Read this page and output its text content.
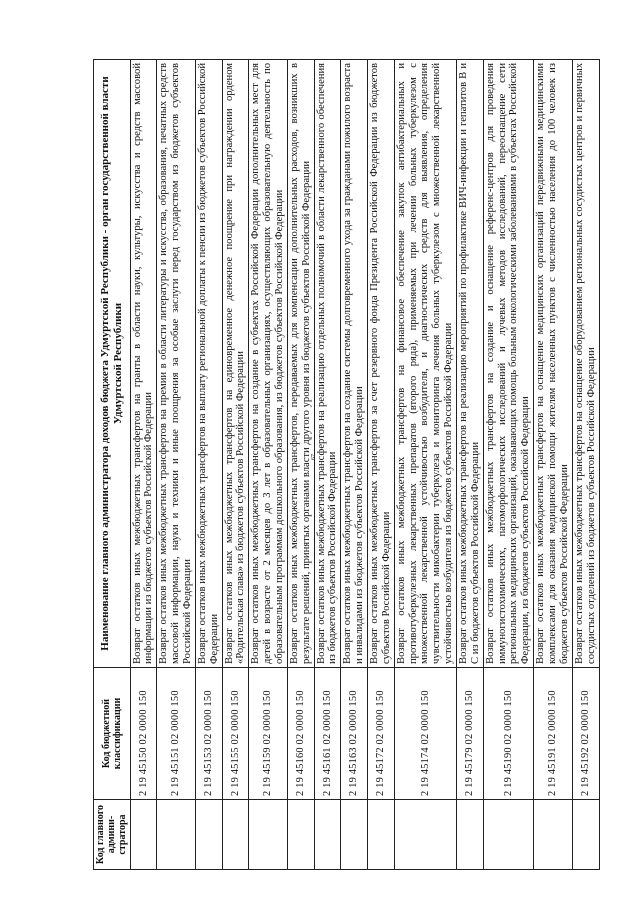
67
Код главного админи-стратора	Код бюджетной классификации	Наименование главного администратора доходов бюджета Удмуртской Республики - орган государственной власти Удмуртской Республики
	2 19 45150 02 0000 150	Возврат остатков иных межбюджетных трансфертов на гранты в области науки, культуры, искусства и средств массовой информации из бюджетов субъектов Российской Федерации
	2 19 45151 02 0000 150	Возврат остатков иных межбюджетных трансфертов на премии в области литературы и искусства, образования, печатных средств массовой информации, науки и техники и иные поощрения за особые заслуги перед государством из бюджетов субъектов Российской Федерации
	2 19 45153 02 0000 150	Возврат остатков иных межбюджетных трансфертов на выплату региональной доплаты к пенсии из бюджетов субъектов Российской Федерации
	2 19 45155 02 0000 150	Возврат остатков иных межбюджетных трансфертов на единовременное денежное поощрение при награждении орденом «Родительская слава» из бюджетов субъектов Российской Федерации
	2 19 45159 02 0000 150	Возврат остатков иных межбюджетных трансфертов на создание в субъектах Российской Федерации дополнительных мест для детей в возрасте от 2 месяцев до 3 лет в образовательных организациях, осуществляющих образовательную деятельность по образовательным программам дошкольного образования, из бюджетов субъектов Российской Федерации
	2 19 45160 02 0000 150	Возврат остатков иных межбюджетных трансфертов, передаваемых для компенсации дополнительных расходов, возникших в результате решений, принятых органами власти другого уровня из бюджетов субъектов Российской Федерации
	2 19 45161 02 0000 150	Возврат остатков иных межбюджетных трансфертов на реализацию отдельных полномочий в области лекарственного обеспечения из бюджетов субъектов Российской Федерации
	2 19 45163 02 0000 150	Возврат остатков иных межбюджетных трансфертов на создание системы долговременного ухода за гражданами пожилого возраста и инвалидами из бюджетов субъектов Российской Федерации
	2 19 45172 02 0000 150	Возврат остатков иных межбюджетных трансфертов за счет резервного фонда Президента Российской Федерации из бюджетов субъектов Российской Федерации
	2 19 45174 02 0000 150	Возврат остатков иных межбюджетных трансфертов на финансовое обеспечение закупок антибактериальных и противотуберкулезных лекарственных препаратов (второго ряда), применяемых при лечении больных туберкулезом с множественной лекарственной устойчивостью возбудителя, и диагностических средств для выявления, определения чувствительности микобактерии туберкулеза и мониторинга лечения больных туберкулезом с множественной лекарственной устойчивостью возбудителя из бюджетов субъектов Российской Федерации
	2 19 45179 02 0000 150	Возврат остатков иных межбюджетных трансфертов на реализацию мероприятий по профилактике ВИЧ-инфекции и гепатитов B и C из бюджетов субъектов Российской Федерации
	2 19 45190 02 0000 150	Возврат остатков иных межбюджетных трансфертов на создание и оснащение референс-центров для проведения иммуногистохимических, патоморфологических исследований и лучевых методов исследований, переоснащение сети региональных медицинских организаций, оказывающих помощь больным онкологическими заболеваниями в субъектах Российской Федерации, из бюджетов субъектов Российской Федерации
	2 19 45191 02 0000 150	Возврат остатков иных межбюджетных трансфертов на оснащение медицинских организаций передвижными медицинскими комплексами для оказания медицинской помощи жителям населенных пунктов с численностью населения до 100 человек из бюджетов субъектов Российской Федерации
	2 19 45192 02 0000 150	Возврат остатков иных межбюджетных трансфертов на оснащение оборудованием региональных сосудистых центров и первичных сосудистых отделений из бюджетов субъектов Российской Федерации
